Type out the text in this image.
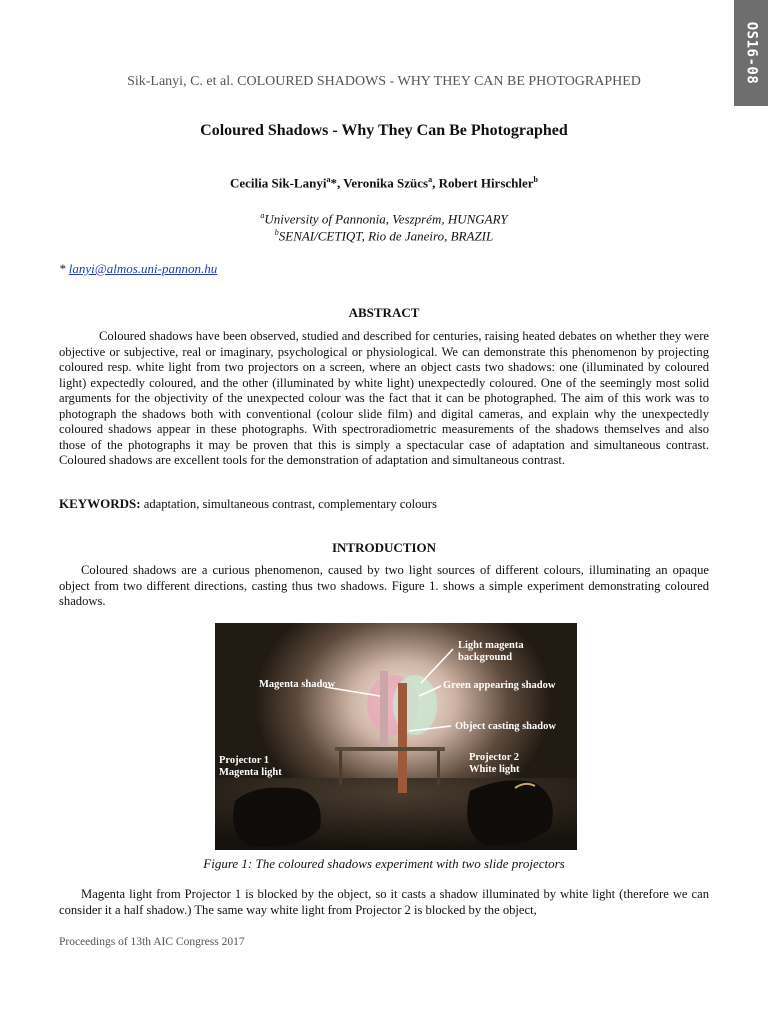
OS16-08
Sik-Lanyi, C. et al. COLOURED SHADOWS - WHY THEY CAN BE PHOTOGRAPHED
Coloured Shadows - Why They Can Be Photographed
Cecilia Sik-Lanyi$^a$*, Veronika Szücs$^a$, Robert Hirschler$^b$
$^a$University of Pannonia, Veszprém, HUNGARY
$^b$SENAI/CETIQT, Rio de Janeiro, BRAZIL
* lanyi@almos.uni-pannon.hu
ABSTRACT
Coloured shadows have been observed, studied and described for centuries, raising heated debates on whether they were objective or subjective, real or imaginary, psychological or physiological. We can demonstrate this phenomenon by projecting coloured resp. white light from two projectors on a screen, where an object casts two shadows: one (illuminated by coloured light) expectedly coloured, and the other (illuminated by white light) unexpectedly coloured. One of the seemingly most solid arguments for the objectivity of the unexpected colour was the fact that it can be photographed. The aim of this work was to photograph the shadows both with conventional (colour slide film) and digital cameras, and explain why the unexpectedly coloured shadows appear in these photographs. With spectroradiometric measurements of the shadows themselves and also those of the photographs it may be proven that this is simply a spectacular case of adaptation and simultaneous contrast. Coloured shadows are excellent tools for the demonstration of adaptation and simultaneous contrast.
KEYWORDS: adaptation, simultaneous contrast, complementary colours
INTRODUCTION
Coloured shadows are a curious phenomenon, caused by two light sources of different colours, illuminating an opaque object from two different directions, casting thus two shadows. Figure 1. shows a simple experiment demonstrating coloured shadows.
Light magenta
background
Magenta shadow	Green appearing shadow
Object casting shadow
Projector 1
Magenta light
Projector 2
White light
Figure 1: The coloured shadows experiment with two slide projectors
Magenta light from Projector 1 is blocked by the object, so it casts a shadow illuminated by white light (therefore we can consider it a half shadow.) The same way white light from Projector 2 is blocked by the object,
Proceedings of 13th AIC Congress 2017
